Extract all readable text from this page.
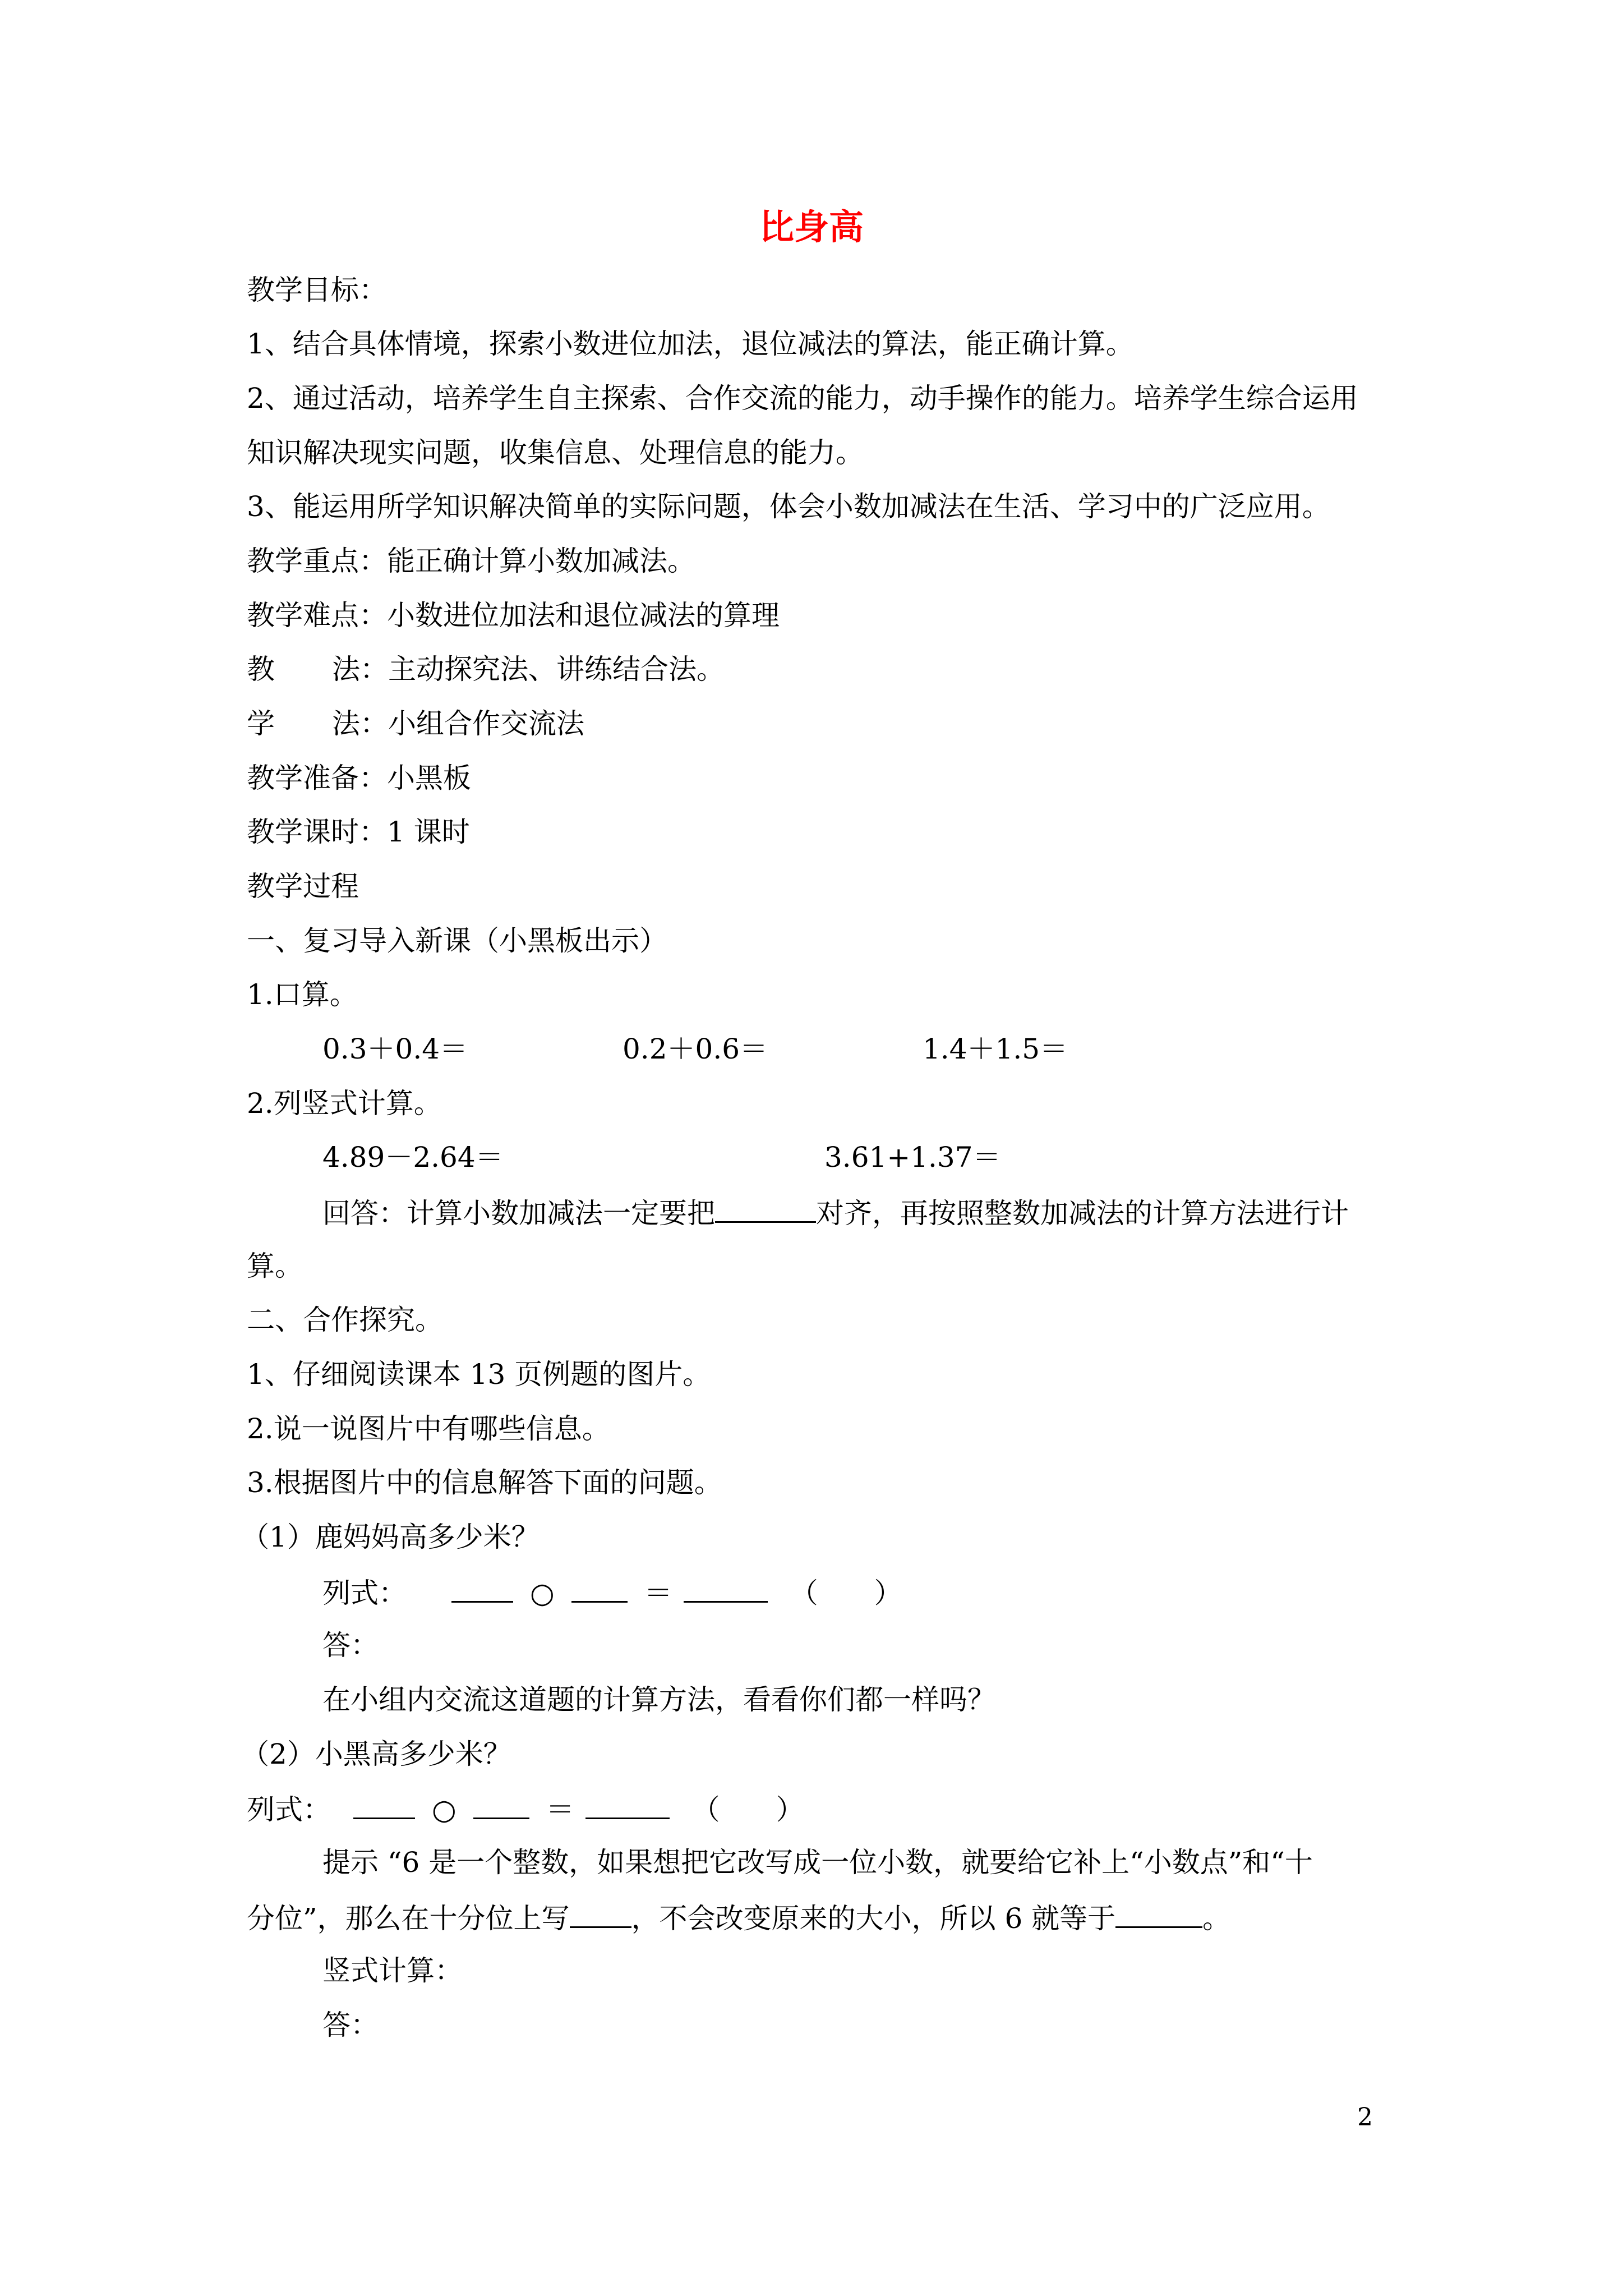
比身高
教学目标：
1、结合具体情境，探索小数进位加法，退位减法的算法，能正确计算。
2、通过活动，培养学生自主探索、合作交流的能力，动手操作的能力。培养学生综合运用
知识解决现实问题，收集信息、处理信息的能力。
3、能运用所学知识解决简单的实际问题，体会小数加减法在生活、学习中的广泛应用。
教学重点：能正确计算小数加减法。
教学难点：小数进位加法和退位减法的算理
教 法：主动探究法、讲练结合法。
学 法：小组合作交流法
教学准备：小黑板
教学课时：1 课时
教学过程
一、复习导入新课（小黑板出示）
1.口算。
0.3＋0.4＝	0.2＋0.6＝	1.4＋1.5＝
2.列竖式计算。
4.89－2.64＝	3.61+1.37＝
回答：计算小数加减法一定要把	对齐，再按照整数加减法的计算方法进行计
算。
二、合作探究。
1、仔细阅读课本 13 页例题的图片。
2.说一说图片中有哪些信息。
3.根据图片中的信息解答下面的问题。
（1）鹿妈妈高多少米？
列式：	○	＝	（　　）
答：
在小组内交流这道题的计算方法，看看你们都一样吗？
（2）小黑高多少米？
列式：	○	＝	（　　）
提示 “6 是一个整数，如果想把它改写成一位小数，就要给它补上“小数点”和“十
分位”，那么在十分位上写 ，不会改变原来的大小，所以 6 就等于	。
竖式计算：
答：
2
